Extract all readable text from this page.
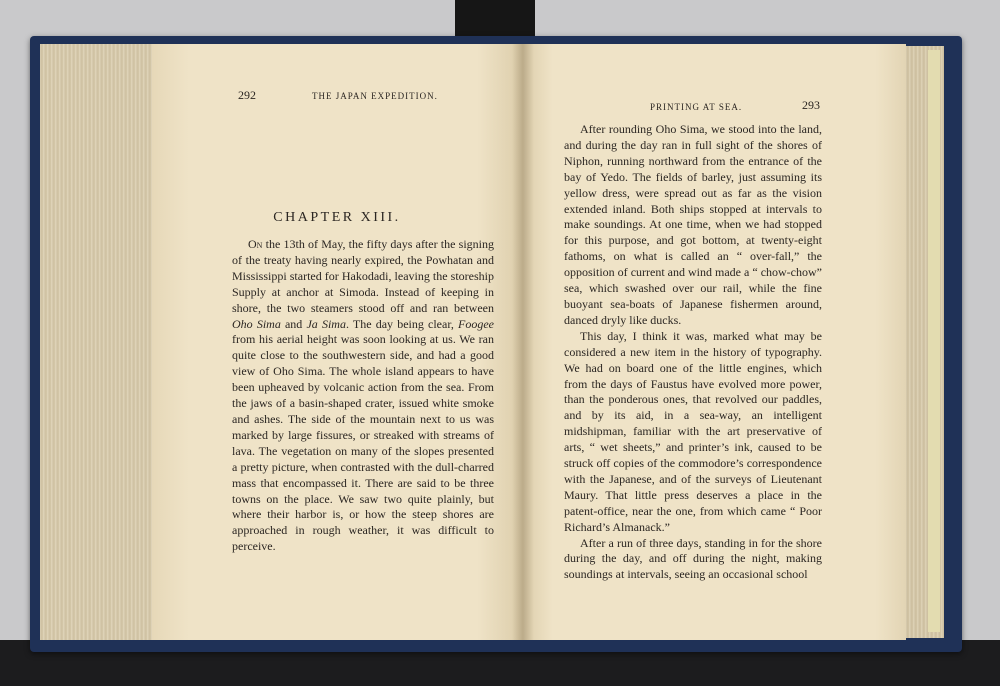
292	THE JAPAN EXPEDITION.
CHAPTER XIII.

On the 13th of May, the fifty days after the signing of the treaty having nearly expired, the Powhatan and Mississippi started for Hakodadi, leaving the storeship Supply at anchor at Simoda. Instead of keeping in shore, the two steamers stood off and ran between Oho Sima and Ja Sima. The day being clear, Foogee from his aerial height was soon looking at us. We ran quite close to the southwestern side, and had a good view of Oho Sima. The whole island appears to have been upheaved by volcanic action from the sea. From the jaws of a basin-shaped crater, issued white smoke and ashes. The side of the mountain next to us was marked by large fissures, or streaked with streams of lava. The vegetation on many of the slopes presented a pretty picture, when contrasted with the dull-charred mass that encompassed it. There are said to be three towns on the place. We saw two quite plainly, but where their harbor is, or how the steep shores are approached in rough weather, it was difficult to perceive.

PRINTING AT SEA.	293

After rounding Oho Sima, we stood into the land, and during the day ran in full sight of the shores of Niphon, running northward from the entrance of the bay of Yedo. The fields of barley, just assuming its yellow dress, were spread out as far as the vision extended inland. Both ships stopped at intervals to make soundings. At one time, when we had stopped for this purpose, and got bottom, at twenty-eight fathoms, on what is called an “ over-fall,” the opposition of current and wind made a “ chow-chow” sea, which swashed over our rail, while the fine buoyant sea-boats of Japanese fishermen around, danced dryly like ducks.

This day, I think it was, marked what may be considered a new item in the history of typography. We had on board one of the little engines, which from the days of Faustus have evolved more power, than the ponderous ones, that revolved our paddles, and by its aid, in a sea-way, an intelligent midshipman, familiar with the art preservative of arts, “ wet sheets,” and printer’s ink, caused to be struck off copies of the commodore’s correspondence with the Japanese, and of the surveys of Lieutenant Maury. That little press deserves a place in the patent-office, near the one, from which came “ Poor Richard’s Almanack.”

After a run of three days, standing in for the shore during the day, and off during the night, making soundings at intervals, seeing an occasional school
